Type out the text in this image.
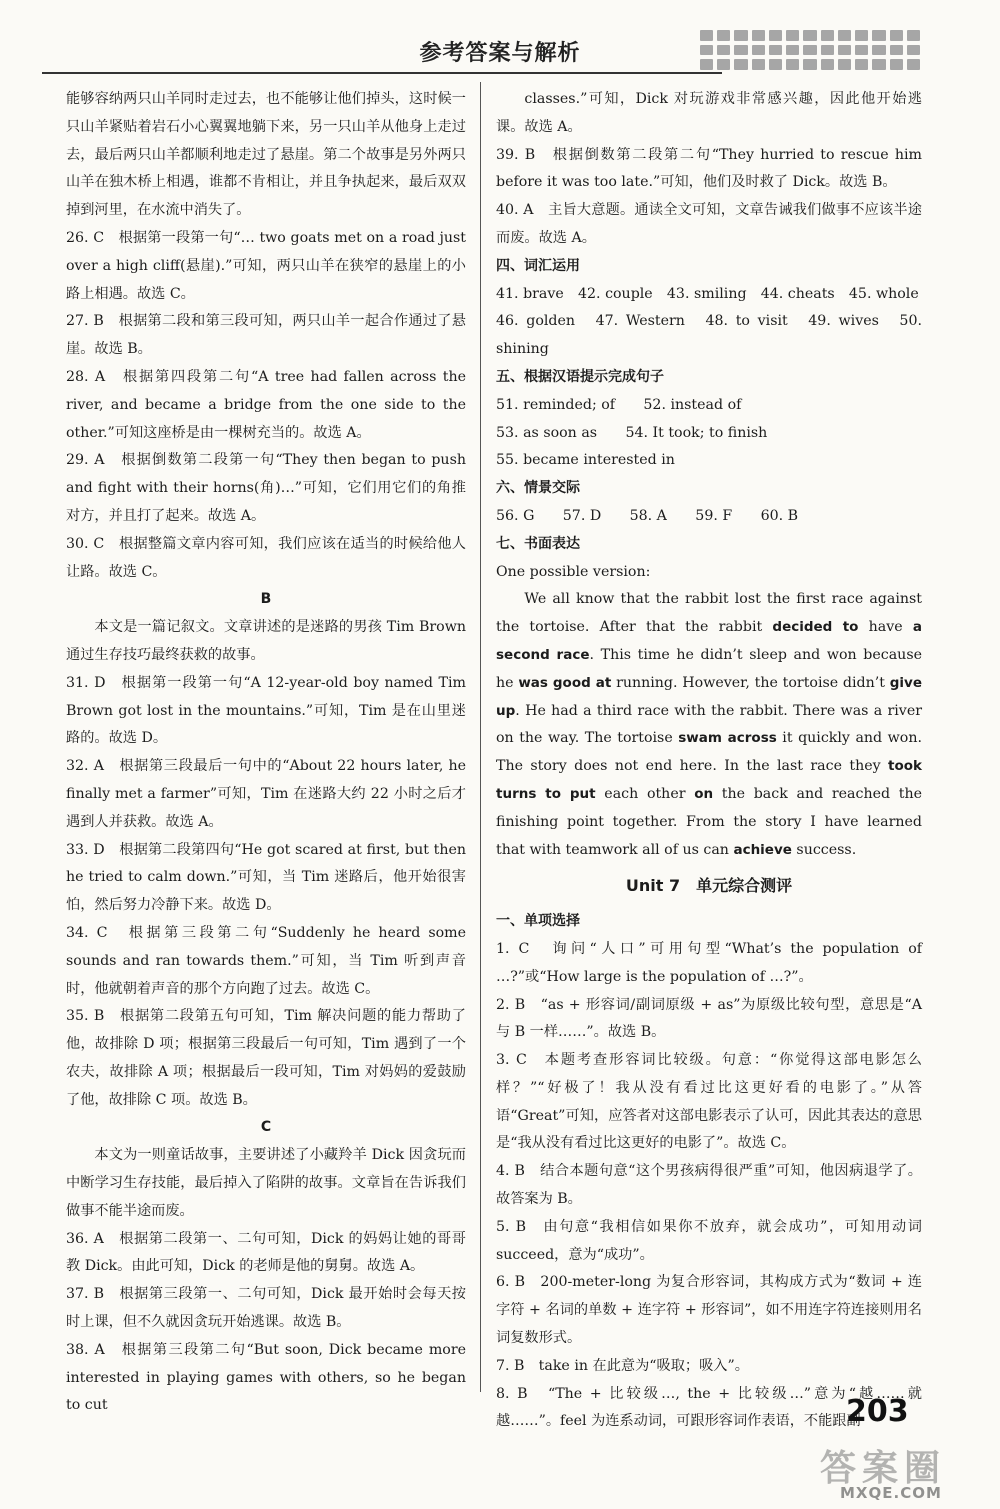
参考答案与解析
能够容纳两只山羊同时走过去，也不能够让他们掉头，这时候一只山羊紧贴着岩石小心翼翼地躺下来，另一只山羊从他身上走过去，最后两只山羊都顺利地走过了悬崖。第二个故事是另外两只山羊在独木桥上相遇，谁都不肯相让，并且争执起来，最后双双掉到河里，在水流中消失了。
26. C　根据第一段第一句“… two goats met on a road just over a high cliff(悬崖).”可知，两只山羊在狭窄的悬崖上的小路上相遇。故选 C。
27. B　根据第二段和第三段可知，两只山羊一起合作通过了悬崖。故选 B。
28. A　根据第四段第二句“A tree had fallen across the river, and became a bridge from the one side to the other.”可知这座桥是由一棵树充当的。故选 A。
29. A　根据倒数第二段第一句“They then began to push and fight with their horns(角)…”可知，它们用它们的角推对方，并且打了起来。故选 A。
30. C　根据整篇文章内容可知，我们应该在适当的时候给他人让路。故选 C。
B
本文是一篇记叙文。文章讲述的是迷路的男孩 Tim Brown 通过生存技巧最终获救的故事。
31. D　根据第一段第一句“A 12-year-old boy named Tim Brown got lost in the mountains.”可知，Tim 是在山里迷路的。故选 D。
32. A　根据第三段最后一句中的“About 22 hours later, he finally met a farmer”可知，Tim 在迷路大约 22 小时之后才遇到人并获救。故选 A。
33. D　根据第二段第四句“He got scared at first, but then he tried to calm down.”可知，当 Tim 迷路后，他开始很害怕，然后努力冷静下来。故选 D。
34. C　根据第三段第二句“Suddenly he heard some sounds and ran towards them.”可知，当 Tim 听到声音时，他就朝着声音的那个方向跑了过去。故选 C。
35. B　根据第二段第五句可知，Tim 解决问题的能力帮助了他，故排除 D 项；根据第三段最后一句可知，Tim 遇到了一个农夫，故排除 A 项；根据最后一段可知，Tim 对妈妈的爱鼓励了他，故排除 C 项。故选 B。
C
本文为一则童话故事，主要讲述了小藏羚羊 Dick 因贪玩而中断学习生存技能，最后掉入了陷阱的故事。文章旨在告诉我们做事不能半途而废。
36. A　根据第二段第一、二句可知，Dick 的妈妈让她的哥哥教 Dick。由此可知，Dick 的老师是他的舅舅。故选 A。
37. B　根据第三段第一、二句可知，Dick 最开始时会每天按时上课，但不久就因贪玩开始逃课。故选 B。
38. A　根据第三段第二句“But soon, Dick became more interested in playing games with others, so he began to cut
classes.”可知，Dick 对玩游戏非常感兴趣，因此他开始逃课。故选 A。
39. B　根据倒数第二段第二句“They hurried to rescue him before it was too late.”可知，他们及时救了 Dick。故选 B。
40. A　主旨大意题。通读全文可知，文章告诫我们做事不应该半途而废。故选 A。
四、词汇运用
41. brave　42. couple　43. smiling　44. cheats　45. whole
46. golden　47. Western　48. to visit　49. wives　50. shining
五、根据汉语提示完成句子
51. reminded; of　　52. instead of
53. as soon as　　54. It took; to finish
55. became interested in
六、情景交际
56. G　　57. D　　58. A　　59. F　　60. B
七、书面表达
One possible version:
We all know that the rabbit lost the first race against the tortoise. After that the rabbit decided to have a second race. This time he didn’t sleep and won because he was good at running. However, the tortoise didn’t give up. He had a third race with the rabbit. There was a river on the way. The tortoise swam across it quickly and won. The story does not end here. In the last race they took turns to put each other on the back and reached the finishing point together. From the story I have learned that with teamwork all of us can achieve success.
Unit 7　单元综合测评
一、单项选择
1. C　询问“人口”可用句型“What’s the population of …?”或“How large is the population of …?”。
2. B　“as + 形容词/副词原级 + as”为原级比较句型，意思是“A 与 B 一样……”。故选 B。
3. C　本题考查形容词比较级。句意：“你觉得这部电影怎么样？”“好极了！我从没有看过比这更好看的电影了。”从答语“Great”可知，应答者对这部电影表示了认可，因此其表达的意思是“我从没有看过比这更好的电影了”。故选 C。
4. B　结合本题句意“这个男孩病得很严重”可知，他因病退学了。故答案为 B。
5. B　由句意“我相信如果你不放弃，就会成功”，可知用动词 succeed，意为“成功”。
6. B　200-meter-long 为复合形容词，其构成方式为“数词 + 连字符 + 名词的单数 + 连字符 + 形容词”，如不用连字符连接则用名词复数形式。
7. B　take in 在此意为“吸取；吸入”。
8. B　“The + 比较级…, the + 比较级…”意为“越……就越……”。feel 为连系动词，可跟形容词作表语，不能跟副
203
答案圈
MXQE.COM
